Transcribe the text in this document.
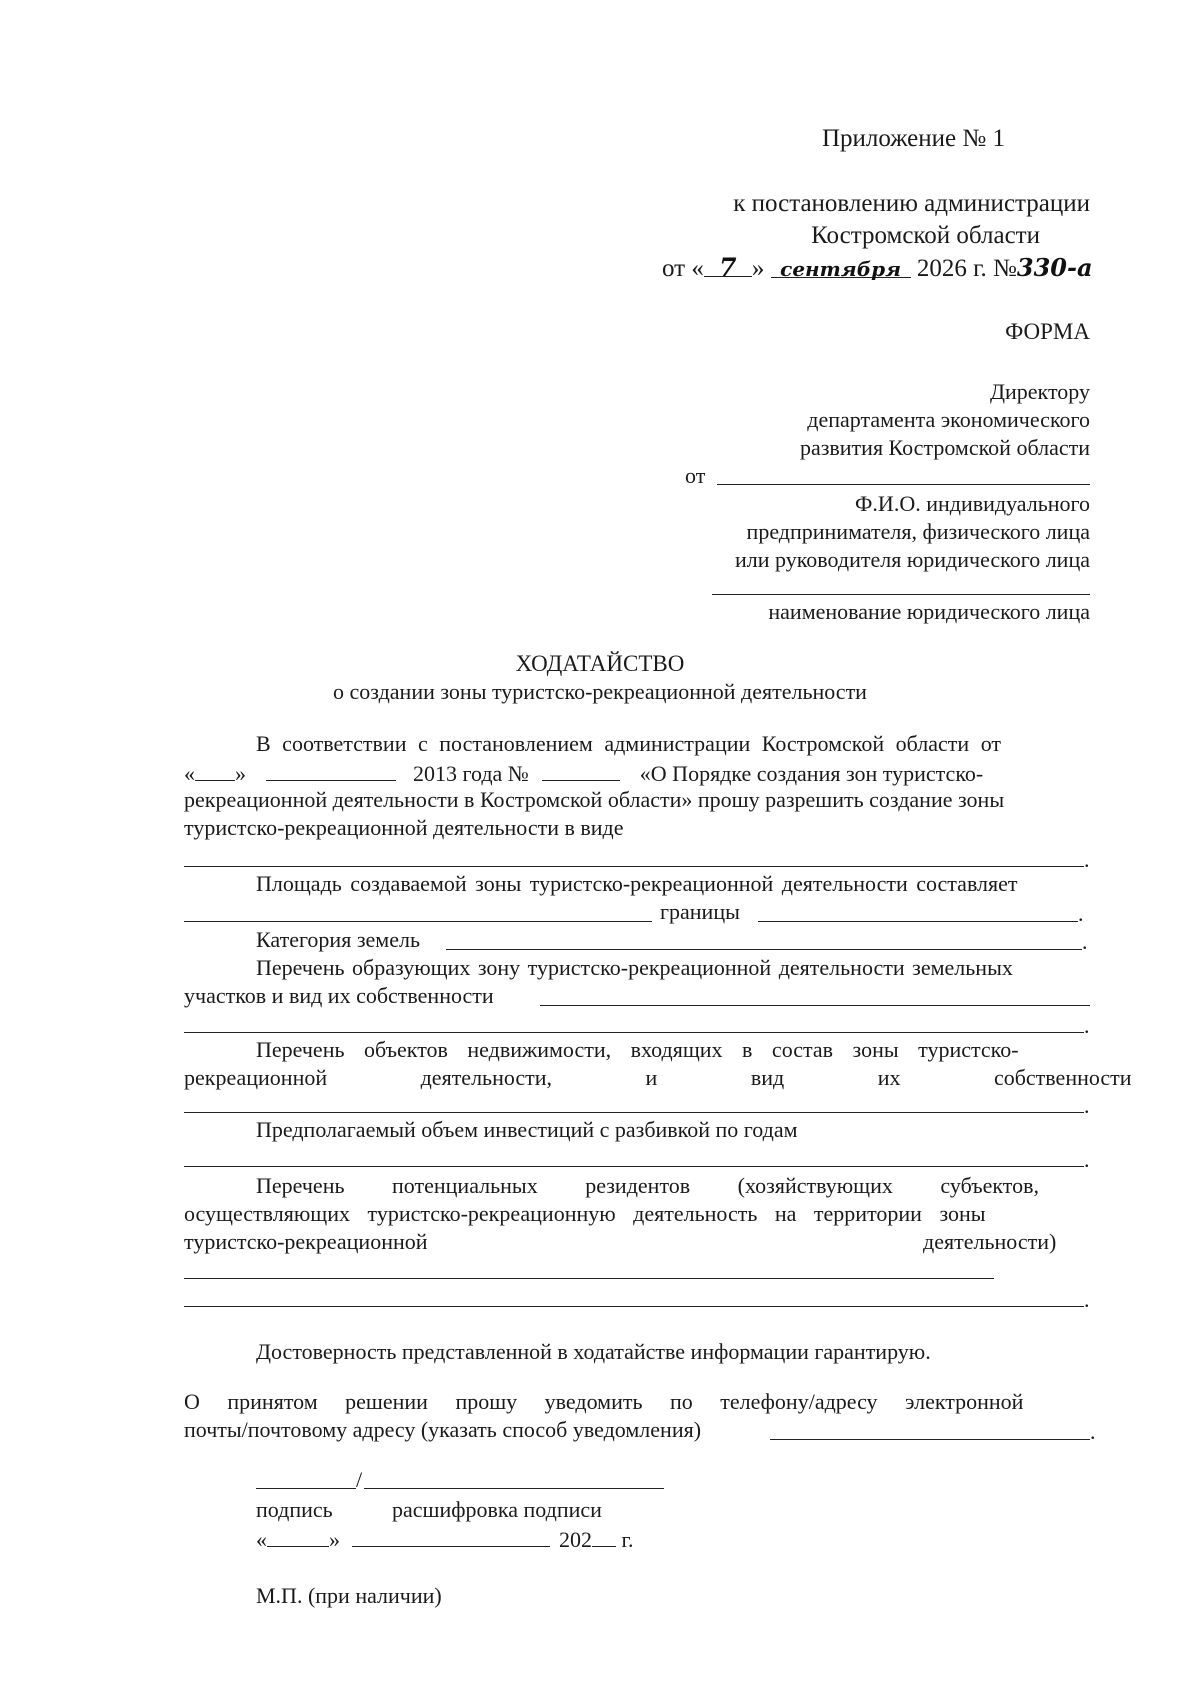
Приложение № 1
к постановлению администрации
Костромской области
от « 7 » сентября 2026 г. №330-а
ФОРМА
Директору
департамента экономического
развития Костромской области
от
Ф.И.О. индивидуального
предпринимателя, физического лица
или руководителя юридического лица
наименование юридического лица
ХОДАТАЙСТВО
о создании зоны туристско-рекреационной деятельности
В соответствии с постановлением администрации Костромской области от
« »	2013 года №	«О Порядке создания зон туристско-
рекреационной деятельности в Костромской области» прошу разрешить создание зоны
туристско-рекреационной деятельности в виде
.
Площадь создаваемой зоны туристско-рекреационной деятельности составляет
границы	.
Категория земель	.
Перечень образующих зону туристско-рекреационной деятельности земельных
участков и вид их собственности
.
Перечень объектов недвижимости, входящих в состав зоны туристско-
рекреационной деятельности, и вид их собственности
.
Предполагаемый объем инвестиций с разбивкой по годам
.
Перечень потенциальных резидентов (хозяйствующих субъектов,
осуществляющих туристско-рекреационную деятельность на территории зоны
туристско-рекреационной деятельности)
.
Достоверность представленной в ходатайстве информации гарантирую.
О принятом решении прошу уведомить по телефону/адресу электронной
почты/почтовому адресу (указать способ уведомления)	.
/
подпись	расшифровка подписи
«	»	202 г.
М.П. (при наличии)
